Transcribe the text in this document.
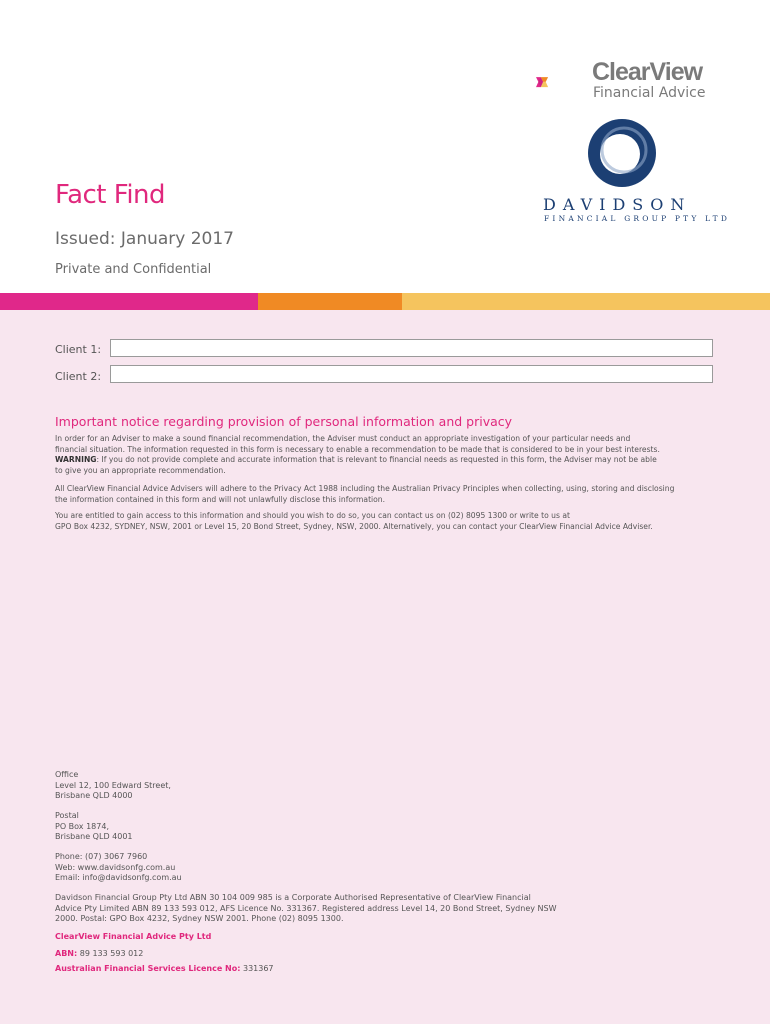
ClearView
Financial Advice
DAVIDSON
FINANCIAL GROUP PTY LTD
Fact Find
Issued: January 2017
Private and Confidential
Client 1:
Client 2:
Important notice regarding provision of personal information and privacy
In order for an Adviser to make a sound financial recommendation, the Adviser must conduct an appropriate investigation of your particular needs and
financial situation. The information requested in this form is necessary to enable a recommendation to be made that is considered to be in your best interests.
WARNING: If you do not provide complete and accurate information that is relevant to financial needs as requested in this form, the Adviser may not be able
to give you an appropriate recommendation.
All ClearView Financial Advice Advisers will adhere to the Privacy Act 1988 including the Australian Privacy Principles when collecting, using, storing and disclosing
the information contained in this form and will not unlawfully disclose this information.
You are entitled to gain access to this information and should you wish to do so, you can contact us on (02) 8095 1300 or write to us at
GPO Box 4232, SYDNEY, NSW, 2001 or Level 15, 20 Bond Street, Sydney, NSW, 2000. Alternatively, you can contact your ClearView Financial Advice Adviser.
Office
Level 12, 100 Edward Street,
Brisbane QLD 4000
Postal
PO Box 1874,
Brisbane QLD 4001
Phone: (07) 3067 7960
Web: www.davidsonfg.com.au
Email: info@davidsonfg.com.au
Davidson Financial Group Pty Ltd ABN 30 104 009 985 is a Corporate Authorised Representative of ClearView Financial
Advice Pty Limited ABN 89 133 593 012, AFS Licence No. 331367. Registered address Level 14, 20 Bond Street, Sydney NSW
2000. Postal: GPO Box 4232, Sydney NSW 2001. Phone (02) 8095 1300.
ClearView Financial Advice Pty Ltd
ABN: 89 133 593 012
Australian Financial Services Licence No: 331367
